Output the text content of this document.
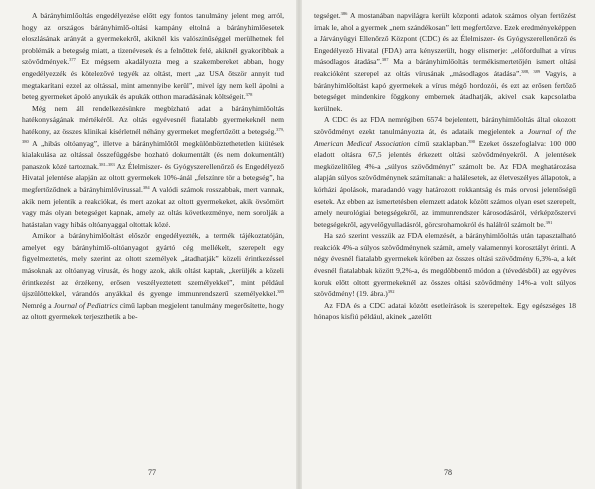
A bárányhimlőoltás engedélyezése előtt egy fontos tanulmány jelent meg arról, hogy az országos bárányhimlő-oltási kampány eltolná a bárányhimlőesetek eloszlásának arányát a gyermekekről, akiknél kis valószínűséggel merülhetnek fel problémák a betegség miatt, a tizenévesek és a felnőttek felé, akiknél gyakoribbak a szövődmények.$^{377}$ Ez mégsem akadályozta meg a szakembereket abban, hogy engedélyezzék és kötelezővé tegyék az oltást, mert „az USA őtször annyit tud megtakarítani ezzel az oltással, mint amennyibe kerül”, mivel így nem kell ápolni a beteg gyermeket ápoló anyukák és apukák otthon maradásának költségeit.$^{378}$

Még nem áll rendelkezésünkre megbízható adat a bárányhimlőoltás hatékonyságának mértékéről. Az oltás egyévesnél fiatalabb gyermekeknél nem hatékony, az összes klinikai kísérletnél néhány gyermeket megfertőzött a betegség.$^{379, 380}$ A „hibás oltóanyag”, illetve a bárányhimlőtől megkülönböztethetetlen kiütések kialakulása az oltással összefüggésbe hozható dokumentált (és nem dokumentált) panaszok közé tartoznak.$^{381-383}$ Az Élelmiszer- és Gyógyszerellenőrző és Engedélyező Hivatal jelentése alapján az oltott gyermekek 10%-ánál „felszínre tör a betegség”, ha megfertőződnek a bárányhimlővírussal.$^{384}$ A valódi számok rosszabbak, mert vannak, akik nem jelentik a reakciókat, és mert azokat az oltott gyermekeket, akik övsömört vagy más olyan betegséget kapnak, amely az oltás következménye, nem sorolják a hatástalan vagy hibás oltóanyaggal oltottak közé.

Amikor a bárányhimlőoltást először engedélyezték, a termék tájékoztatóján, amelyet egy bárányhimlő-oltóanyagot gyártó cég mellékelt, szerepelt egy figyelmeztetés, mely szerint az oltott személyek „átadhatják” közeli érintkezéssel másoknak az oltóanyag vírusát, és hogy azok, akik oltást kaptak, „kerüljék a közeli érintkezést az érzékeny, erősen veszélyeztetett személyekkel”, mint például újszülöttekkel, várandós anyákkal és gyenge immunrendszerű személyekkel.$^{385}$ Nemrég a Journal of Pediatrics című lapban megjelent tanulmány megerősítette, hogy az oltott gyermekek terjeszthetik a be-

tegséget.$^{386}$ A mostanában napvilágra került központi adatok számos olyan fertőzést írnak le, ahol a gyermek „nem szándékosan” lett megfertőzve. Ezek eredményeképpen a Járványügyi Ellenőrző Központ (CDC) és az Élelmiszer- és Gyógyszerellenőrző és Engedélyező Hivatal (FDA) arra kényszerült, hogy elismerje: „előfordulhat a vírus másodlagos átadása”.$^{387}$ Ma a bárányhimlőoltás termékismertetőjén ismert oltási reakcióként szerepel az oltás vírusának „másodlagos átadása”.$^{388, 389}$ Vagyis, a bárányhimlőoltást kapó gyermekek a vírus mégő hordozói, és ezt az erősen fertőző betegséget mindenkire föggkony embernek átadhatják, akivel csak kapcsolatba kerülnek.

A CDC és az FDA nemrégiben 6574 bejelentett, bárányhimlőoltás által okozott szövődményt ezekt tanulmányozta át, és adataik megjelentek a Journal of the American Medical Association című szaklapban.$^{390}$ Ezeket összefoglalva: 100 000 eladott oltásra 67,5 jelentés érkezett oltási szövődményekről. A jelentések megközelítőleg 4%-a „súlyos szövődményt” számolt be. Az FDA meghatározása alapján súlyos szövődménynek számítanak: a halálesetek, az életveszélyes állapotok, a kórházi ápolások, maradandó vagy határozott rokkantság és más orvosi jelentőségű esetek. Az ebben az ismertetésben elemzett adatok között számos olyan eset szerepelt, amely neurológiai betegségekről, az immunrendszer károsodásáról, vérképzőszervi betegségekről, agyvelőgyulladásról, görcsrohamokról és halálról számolt be.$^{391}$

Ha szó szerint vesszük az FDA elemzését, a bárányhimlőoltás után tapasztalható reakciók 4%-a súlyos szövődménynek számít, amely valamennyi korosztályt érinti. A négy évesnél fiatalabb gyermekek körében az összes oltási szövődmény 6,3%-a, a két évesnél fiatalabbak között 9,2%-a, és megdöbbentő módon a (tévedésből) az egyéves koruk előtt oltott gyermekeknél az összes oltási szövődmény 14%-a volt súlyos szövődmény! (19. ábra.)$^{392}$

Az FDA és a CDC adatai között esetleírások is szerepeltek. Egy egészséges 18 hónapos kisfiú például, akinek „azelőtt

77	78
